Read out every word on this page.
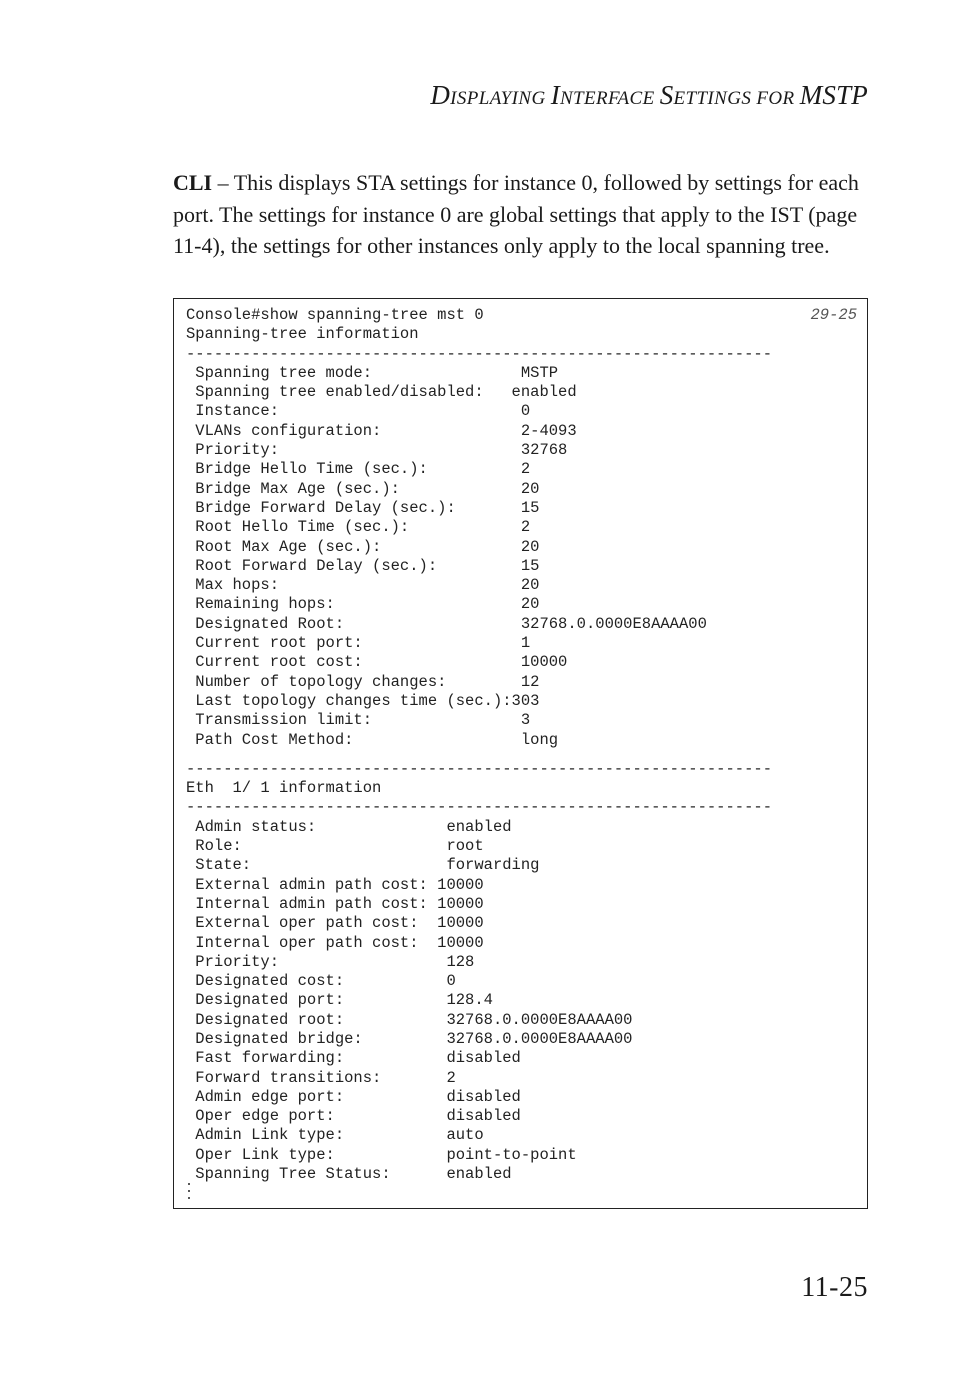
DISPLAYING INTERFACE SETTINGS FOR MSTP

CLI – This displays STA settings for instance 0, followed by settings for each port. The settings for instance 0 are global settings that apply to the IST (page 11-4), the settings for other instances only apply to the local spanning tree.

Console#show spanning-tree mst 0
Spanning-tree information
---------------------------------------------------------------
Spanning tree mode:                MSTP
Spanning tree enabled/disabled:   enabled
Instance:                          0
VLANs configuration:               2-4093
Priority:                          32768
Bridge Hello Time (sec.):          2
Bridge Max Age (sec.):             20
Bridge Forward Delay (sec.):       15
Root Hello Time (sec.):            2
Root Max Age (sec.):               20
Root Forward Delay (sec.):         15
Max hops:                          20
Remaining hops:                    20
Designated Root:                   32768.0.0000E8AAAA00
Current root port:                 1
Current root cost:                 10000
Number of topology changes:        12
Last topology changes time (sec.):303
Transmission limit:                3
Path Cost Method:                  long
---------------------------------------------------------------
Eth  1/ 1 information
---------------------------------------------------------------
Admin status:              enabled
Role:                      root
State:                     forwarding
External admin path cost: 10000
Internal admin path cost: 10000
External oper path cost:  10000
Internal oper path cost:  10000
Priority:                  128
Designated cost:           0
Designated port:           128.4
Designated root:           32768.0.0000E8AAAA00
Designated bridge:         32768.0.0000E8AAAA00
Fast forwarding:           disabled
Forward transitions:       2
Admin edge port:           disabled
Oper edge port:            disabled
Admin Link type:           auto
Oper Link type:            point-to-point
Spanning Tree Status:      enabled
29-25
11-25
